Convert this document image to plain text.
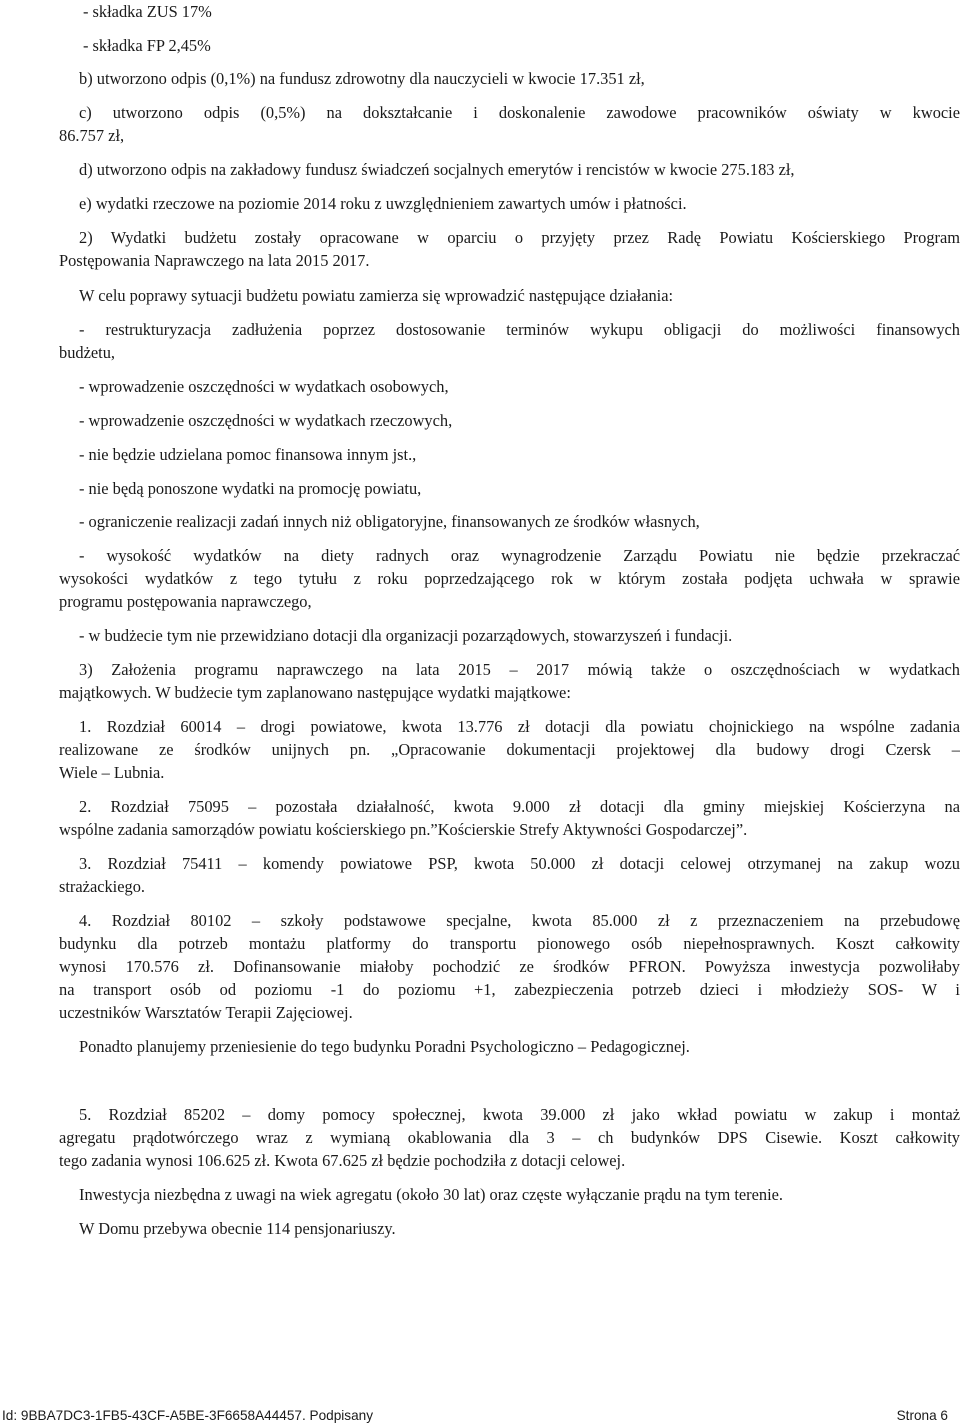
- składka ZUS 17%
- składka FP 2,45%
b) utworzono odpis (0,1%) na fundusz zdrowotny dla nauczycieli w kwocie 17.351 zł,
c) utworzono odpis (0,5%) na dokształcanie i doskonalenie zawodowe pracowników oświaty w kwocie
86.757 zł,
d) utworzono odpis na zakładowy fundusz świadczeń socjalnych emerytów i rencistów w kwocie 275.183 zł,
e) wydatki rzeczowe na poziomie 2014 roku z uwzględnieniem zawartych umów i płatności.
2) Wydatki budżetu zostały opracowane w oparciu o przyjęty przez Radę Powiatu Kościerskiego Program
Postępowania Naprawczego na lata 2015 2017.
W celu poprawy sytuacji budżetu powiatu zamierza się wprowadzić następujące działania:
- restrukturyzacja zadłużenia poprzez dostosowanie terminów wykupu obligacji do możliwości finansowych
budżetu,
- wprowadzenie oszczędności w wydatkach osobowych,
- wprowadzenie oszczędności w wydatkach rzeczowych,
- nie będzie udzielana pomoc finansowa innym jst.,
- nie będą ponoszone wydatki na promocję powiatu,
- ograniczenie realizacji zadań innych niż obligatoryjne, finansowanych ze środków własnych,
- wysokość wydatków na diety radnych oraz wynagrodzenie Zarządu Powiatu nie będzie przekraczać
wysokości wydatków z tego tytułu z roku poprzedzającego rok w którym została podjęta uchwała w sprawie
programu postępowania naprawczego,
- w budżecie tym nie przewidziano dotacji dla organizacji pozarządowych, stowarzyszeń i fundacji.
3) Założenia programu naprawczego na lata 2015 – 2017 mówią także o oszczędnościach w wydatkach
majątkowych. W budżecie tym zaplanowano następujące wydatki majątkowe:
1. Rozdział 60014 – drogi powiatowe, kwota 13.776 zł dotacji dla powiatu chojnickiego na wspólne zadania
realizowane ze środków unijnych pn. „Opracowanie dokumentacji projektowej dla budowy drogi Czersk –
Wiele – Lubnia.
2. Rozdział 75095 – pozostała działalność, kwota 9.000 zł dotacji dla gminy miejskiej Kościerzyna na
wspólne zadania samorządów powiatu kościerskiego pn.”Kościerskie Strefy Aktywności Gospodarczej”.
3. Rozdział 75411 – komendy powiatowe PSP, kwota 50.000 zł dotacji celowej otrzymanej na zakup wozu
strażackiego.
4. Rozdział 80102 – szkoły podstawowe specjalne, kwota 85.000 zł z przeznaczeniem na przebudowę
budynku dla potrzeb montażu platformy do transportu pionowego osób niepełnosprawnych. Koszt całkowity
wynosi 170.576 zł. Dofinansowanie miałoby pochodzić ze środków PFRON. Powyższa inwestycja pozwoliłaby
na transport osób od poziomu -1 do poziomu +1, zabezpieczenia potrzeb dzieci i młodzieży SOS- W i
uczestników Warsztatów Terapii Zajęciowej.
Ponadto planujemy przeniesienie do tego budynku Poradni Psychologiczno – Pedagogicznej.
5. Rozdział 85202 – domy pomocy społecznej, kwota 39.000 zł jako wkład powiatu w zakup i montaż
agregatu prądotwórczego wraz z wymianą okablowania dla 3 – ch budynków DPS Cisewie. Koszt całkowity
tego zadania wynosi 106.625 zł. Kwota 67.625 zł będzie pochodziła z dotacji celowej.
Inwestycja niezbędna z uwagi na wiek agregatu (około 30 lat) oraz częste wyłączanie prądu na tym terenie.
W Domu przebywa obecnie 114 pensjonariuszy.
Id: 9BBA7DC3-1FB5-43CF-A5BE-3F6658A44457. Podpisany	Strona 6
